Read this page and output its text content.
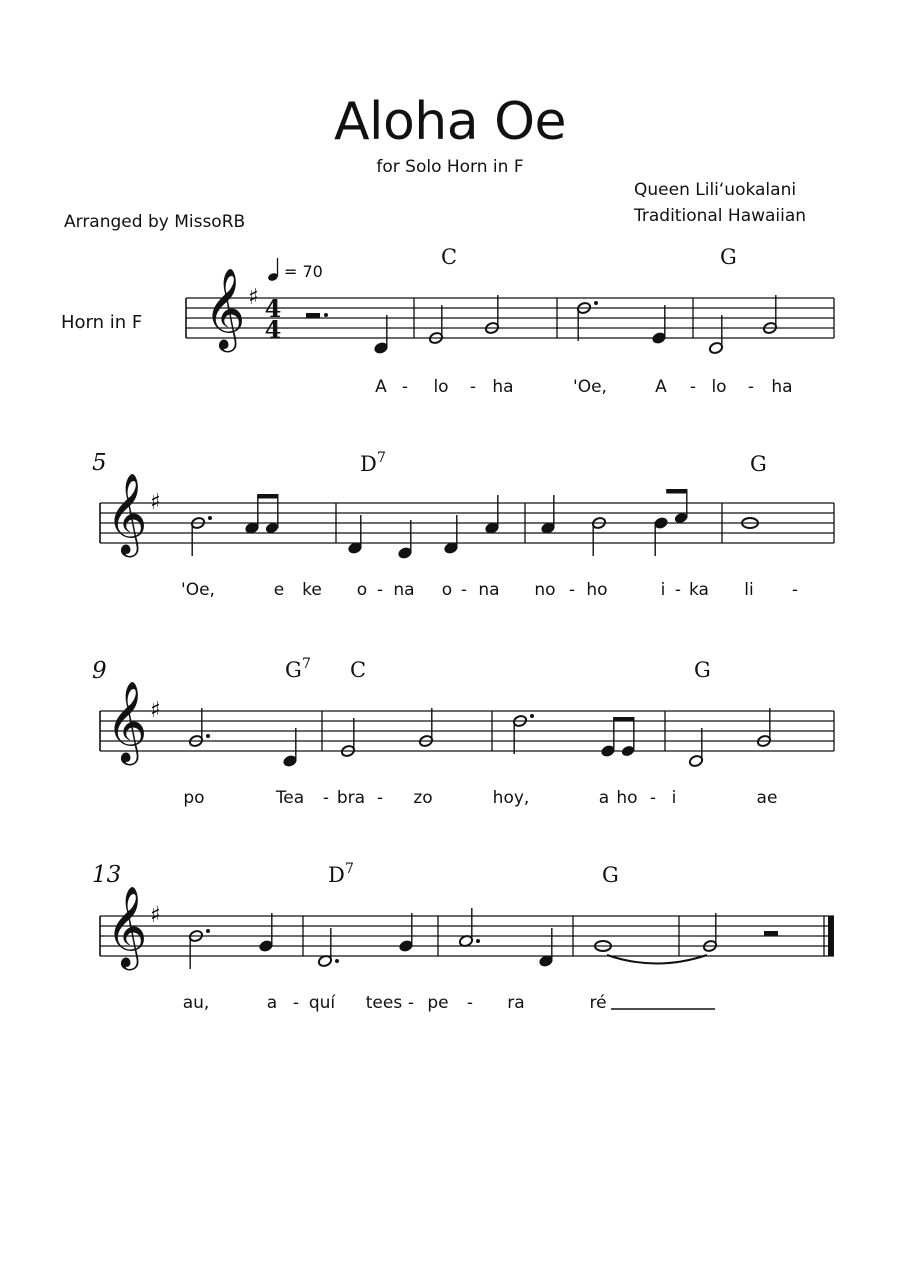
Aloha Oe
for Solo Horn in F
Queen Liliʻuokalani
Traditional Hawaiian
Arranged by MissoRB
Horn in F
= 70
𝄞 ♯ 4
4
C	G
A - lo - ha	'Oe,	A - lo - ha
𝄞 ♯
5	D 7	G
'Oe,	e ke o - na o - na no - ho	i - ka li -
𝄞 ♯
9	G 7 C	G
po	Tea - bra - zo	hoy,	a ho - i	ae
𝄞 ♯
13	D 7	G
au,	a - quí tees - pe - ra	ré
